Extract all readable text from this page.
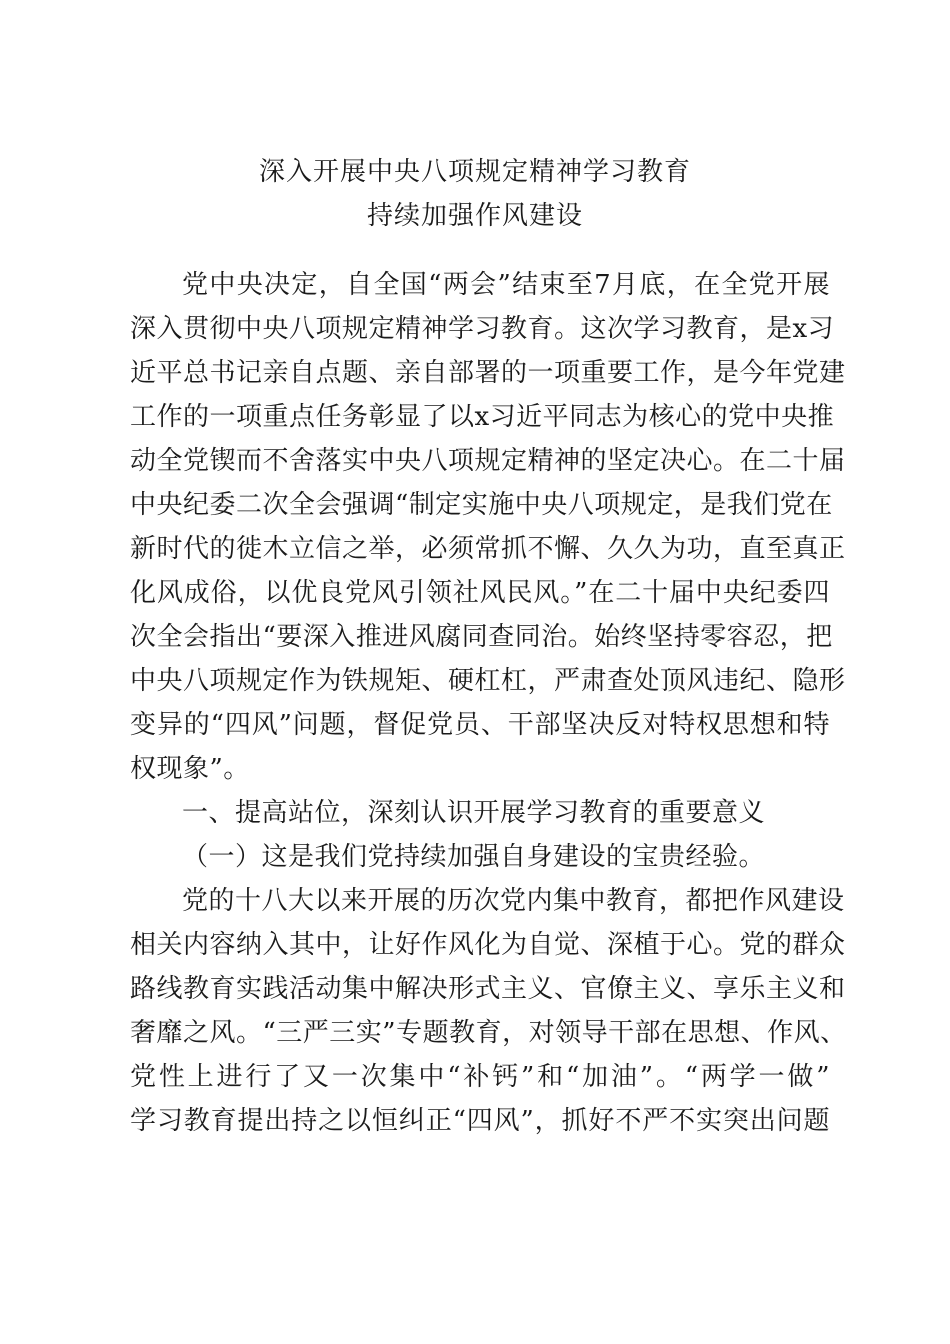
深入开展中央八项规定精神学习教育
持续加强作风建设
党中央决定，自全国“两会”结束至7月底，在全党开展
深入贯彻中央八项规定精神学习教育。这次学习教育，是x习
近平总书记亲自点题、亲自部署的一项重要工作，是今年党建
工作的一项重点任务彰显了以x习近平同志为核心的党中央推
动全党锲而不舍落实中央八项规定精神的坚定决心。在二十届
中央纪委二次全会强调“制定实施中央八项规定，是我们党在
新时代的徙木立信之举，必须常抓不懈、久久为功，直至真正
化风成俗，以优良党风引领社风民风。”在二十届中央纪委四
次全会指出“要深入推进风腐同查同治。始终坚持零容忍，把
中央八项规定作为铁规矩、硬杠杠，严肃查处顶风违纪、隐形
变异的“四风”问题，督促党员、干部坚决反对特权思想和特
权现象”。
一、提高站位，深刻认识开展学习教育的重要意义
（一）这是我们党持续加强自身建设的宝贵经验。
党的十八大以来开展的历次党内集中教育，都把作风建设
相关内容纳入其中，让好作风化为自觉、深植于心。党的群众
路线教育实践活动集中解决形式主义、官僚主义、享乐主义和
奢靡之风。“三严三实”专题教育，对领导干部在思想、作风、
党性上进行了又一次集中“补钙”和“加油”。“两学一做”
学习教育提出持之以恒纠正“四风”，抓好不严不实突出问题
